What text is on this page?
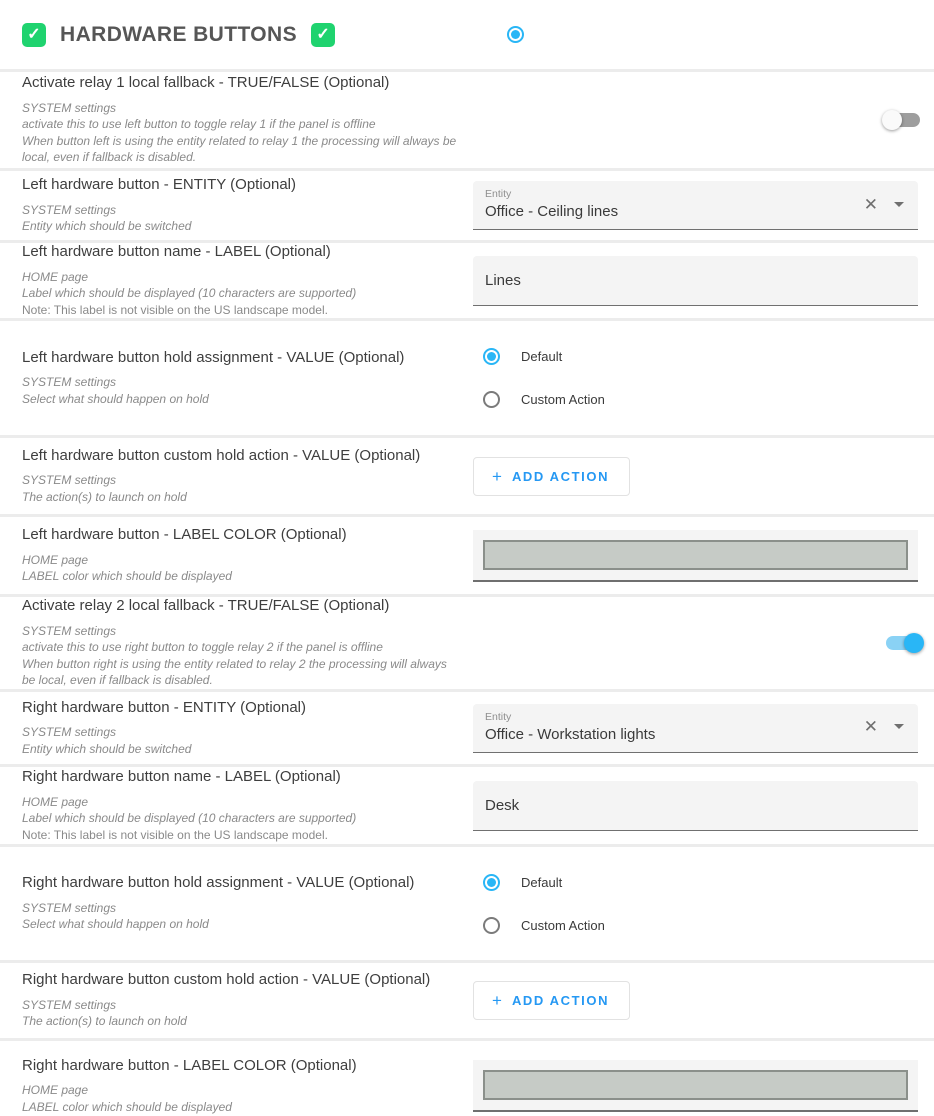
✓ HARDWARE BUTTONS ✓
Activate relay 1 local fallback - TRUE/FALSE (Optional)
SYSTEM settings
activate this to use left button to toggle relay 1 if the panel is offline
When button left is using the entity related to relay 1 the processing will always be local, even if fallback is disabled.
Left hardware button - ENTITY (Optional)
SYSTEM settings
Entity which should be switched
Entity
Office - Ceiling lines	✕
Left hardware button name - LABEL (Optional)
HOME page
Label which should be displayed (10 characters are supported)
Note: This label is not visible on the US landscape model.
Lines
Left hardware button hold assignment - VALUE (Optional)
SYSTEM settings
Select what should happen on hold
Default
Custom Action
Left hardware button custom hold action - VALUE (Optional)
SYSTEM settings
The action(s) to launch on hold
+ ADD ACTION
Left hardware button - LABEL COLOR (Optional)
HOME page
LABEL color which should be displayed
Activate relay 2 local fallback - TRUE/FALSE (Optional)
SYSTEM settings
activate this to use right button to toggle relay 2 if the panel is offline
When button right is using the entity related to relay 2 the processing will always be local, even if fallback is disabled.
Right hardware button - ENTITY (Optional)
SYSTEM settings
Entity which should be switched
Entity
Office - Workstation lights	✕
Right hardware button name - LABEL (Optional)
HOME page
Label which should be displayed (10 characters are supported)
Note: This label is not visible on the US landscape model.
Desk
Right hardware button hold assignment - VALUE (Optional)
SYSTEM settings
Select what should happen on hold
Default
Custom Action
Right hardware button custom hold action - VALUE (Optional)
SYSTEM settings
The action(s) to launch on hold
+ ADD ACTION
Right hardware button - LABEL COLOR (Optional)
HOME page
LABEL color which should be displayed
